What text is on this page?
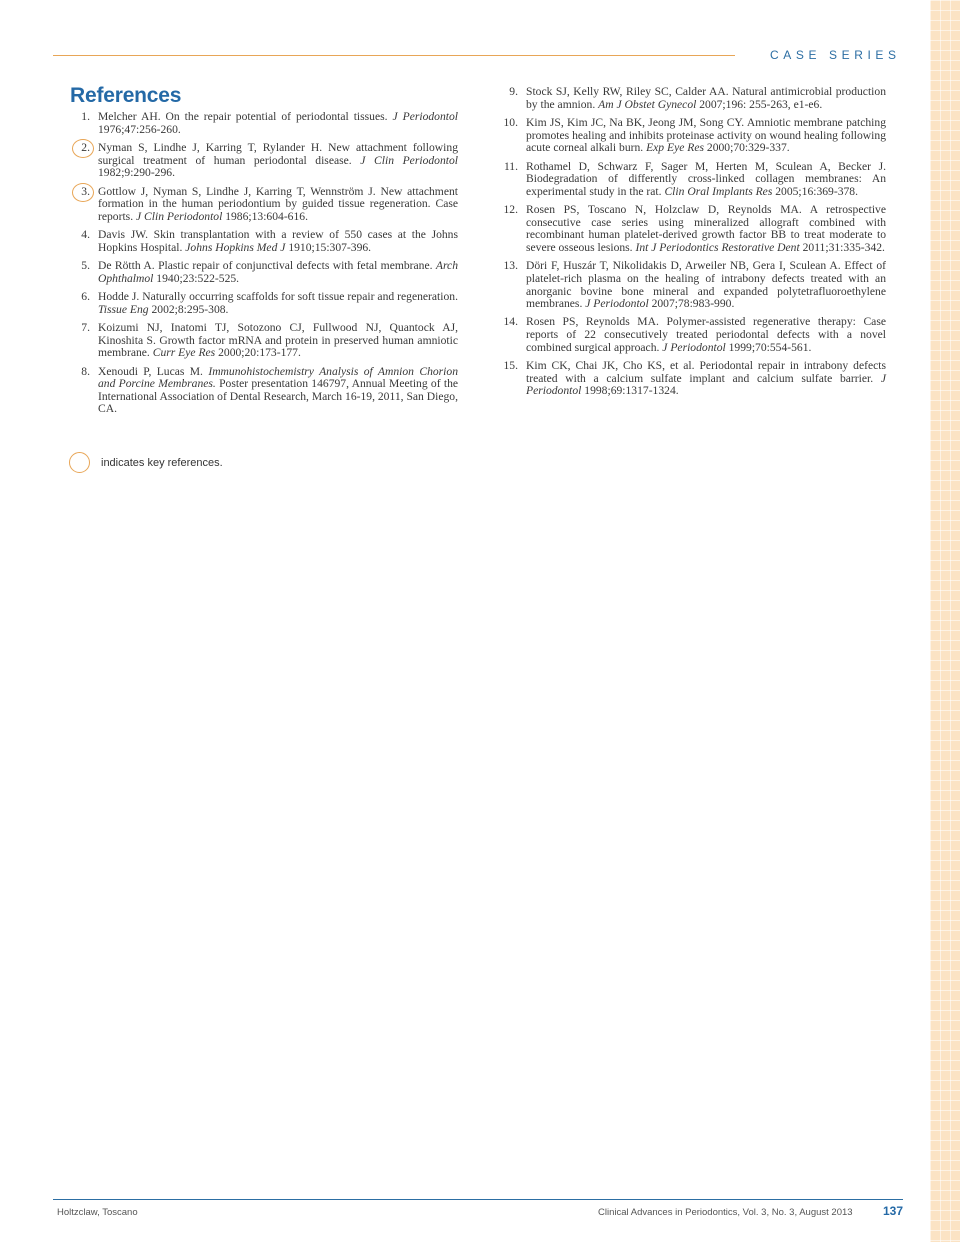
CASE SERIES
References

1. Melcher AH. On the repair potential of periodontal tissues. J Periodontol 1976;47:256-260.

2. Nyman S, Lindhe J, Karring T, Rylander H. New attachment following surgical treatment of human periodontal disease. J Clin Periodontol 1982;9:290-296.

3. Gottlow J, Nyman S, Lindhe J, Karring T, Wennström J. New attachment formation in the human periodontium by guided tissue regeneration. Case reports. J Clin Periodontol 1986;13:604-616.

4. Davis JW. Skin transplantation with a review of 550 cases at the Johns Hopkins Hospital. Johns Hopkins Med J 1910;15:307-396.

5. De Rötth A. Plastic repair of conjunctival defects with fetal membrane. Arch Ophthalmol 1940;23:522-525.

6. Hodde J. Naturally occurring scaffolds for soft tissue repair and regeneration. Tissue Eng 2002;8:295-308.

7. Koizumi NJ, Inatomi TJ, Sotozono CJ, Fullwood NJ, Quantock AJ, Kinoshita S. Growth factor mRNA and protein in preserved human amniotic membrane. Curr Eye Res 2000;20:173-177.

8. Xenoudi P, Lucas M. Immunohistochemistry Analysis of Amnion Chorion and Porcine Membranes. Poster presentation 146797, Annual Meeting of the International Association of Dental Research, March 16-19, 2011, San Diego, CA.

9. Stock SJ, Kelly RW, Riley SC, Calder AA. Natural antimicrobial production by the amnion. Am J Obstet Gynecol 2007;196: 255-263, e1-e6.

10. Kim JS, Kim JC, Na BK, Jeong JM, Song CY. Amniotic membrane patching promotes healing and inhibits proteinase activity on wound healing following acute corneal alkali burn. Exp Eye Res 2000;70:329-337.

11. Rothamel D, Schwarz F, Sager M, Herten M, Sculean A, Becker J. Biodegradation of differently cross-linked collagen membranes: An experimental study in the rat. Clin Oral Implants Res 2005;16:369-378.

12. Rosen PS, Toscano N, Holzclaw D, Reynolds MA. A retrospective consecutive case series using mineralized allograft combined with recombinant human platelet-derived growth factor BB to treat moderate to severe osseous lesions. Int J Periodontics Restorative Dent 2011;31:335-342.

13. Döri F, Huszár T, Nikolidakis D, Arweiler NB, Gera I, Sculean A. Effect of platelet-rich plasma on the healing of intrabony defects treated with an anorganic bovine bone mineral and expanded polytetrafluoroethylene membranes. J Periodontol 2007;78:983-990.

14. Rosen PS, Reynolds MA. Polymer-assisted regenerative therapy: Case reports of 22 consecutively treated periodontal defects with a novel combined surgical approach. J Periodontol 1999;70:554-561.

15. Kim CK, Chai JK, Cho KS, et al. Periodontal repair in intrabony defects treated with a calcium sulfate implant and calcium sulfate barrier. J Periodontol 1998;69:1317-1324.

indicates key references.
Holtzclaw, Toscano	Clinical Advances in Periodontics, Vol. 3, No. 3, August 2013	137
